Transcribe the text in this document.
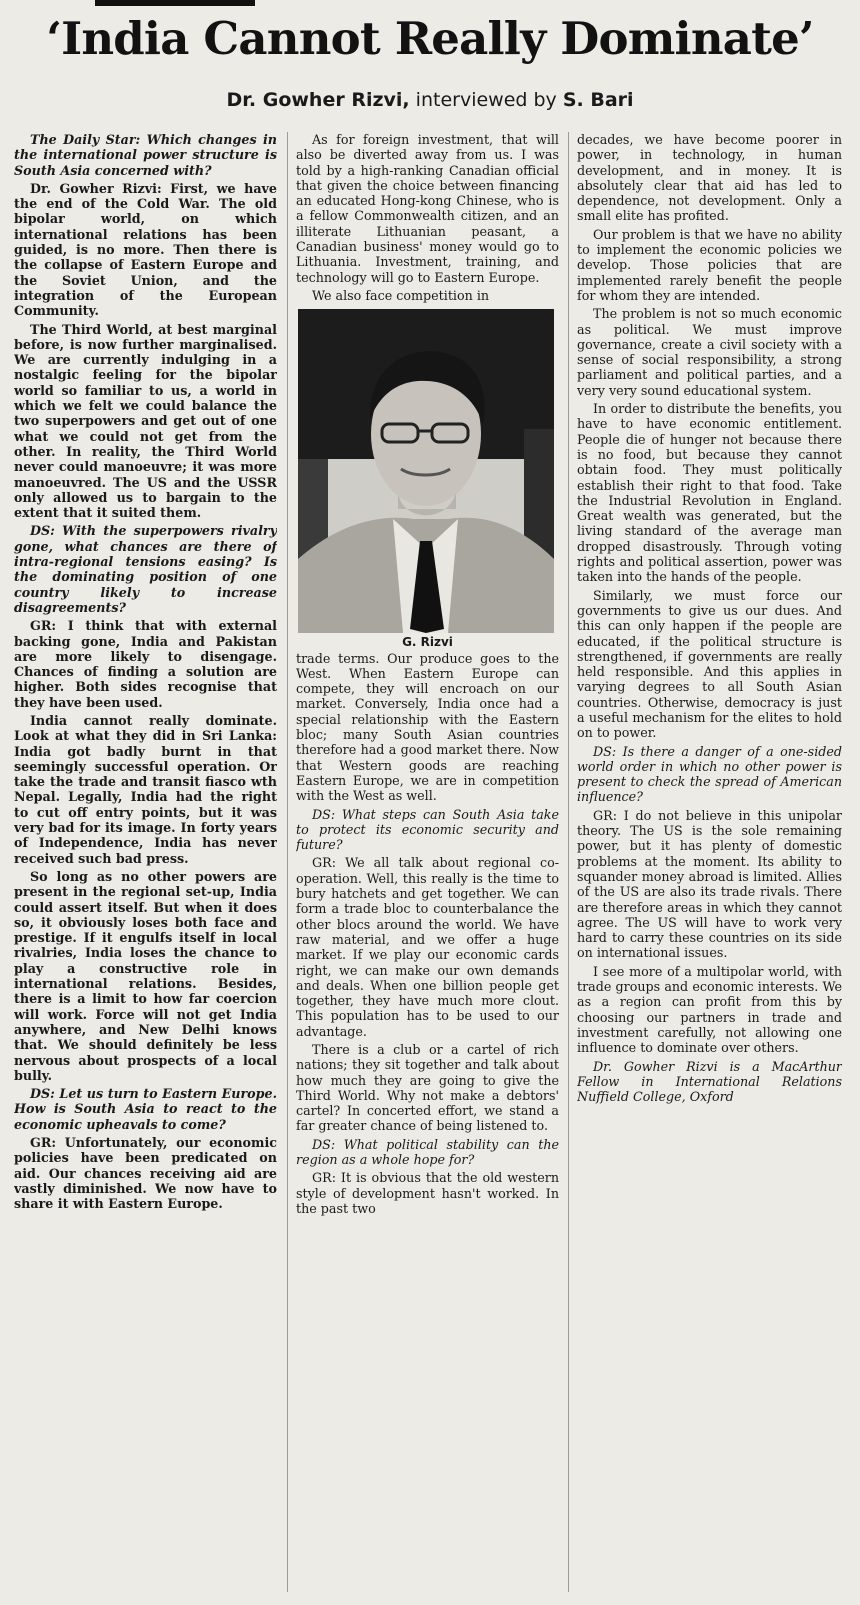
‘India Cannot Really Dominate’
Dr. Gowher Rizvi, interviewed by S. Bari

The Daily Star: Which changes in the international power structure is South Asia concerned with?

Dr. Gowher Rizvi: First, we have the end of the Cold War. The old bipolar world, on which international relations has been guided, is no more. Then there is the collapse of Eastern Europe and the Soviet Union, and the integration of the European Community.

The Third World, at best marginal before, is now further marginalised. We are currently indulging in a nostalgic feeling for the bipolar world so familiar to us, a world in which we felt we could balance the two superpowers and get out of one what we could not get from the other. In reality, the Third World never could manoeuvre; it was more manoeuvred. The US and the USSR only allowed us to bargain to the extent that it suited them.

DS: With the superpowers rivalry gone, what chances are there of intra-regional tensions easing? Is the dominating position of one country likely to increase disagreements?

GR: I think that with external backing gone, India and Pakistan are more likely to disengage. Chances of finding a solution are higher. Both sides recognise that they have been used.

India cannot really dominate. Look at what they did in Sri Lanka: India got badly burnt in that seemingly successful operation. Or take the trade and transit fiasco wth Nepal. Legally, India had the right to cut off entry points, but it was very bad for its image. In forty years of Independence, India has never received such bad press.

So long as no other powers are present in the regional set-up, India could assert itself. But when it does so, it obviously loses both face and prestige. If it engulfs itself in local rivalries, India loses the chance to play a constructive role in international relations. Besides, there is a limit to how far coercion will work. Force will not get India anywhere, and New Delhi knows that. We should definitely be less nervous about prospects of a local bully.

DS: Let us turn to Eastern Europe. How is South Asia to react to the economic upheavals to come?

GR: Unfortunately, our economic policies have been predicated on aid. Our chances receiving aid are vastly diminished. We now have to share it with Eastern Europe.

As for foreign investment, that will also be diverted away from us. I was told by a high-ranking Canadian official that given the choice between financing an educated Hong-kong Chinese, who is a fellow Commonwealth citizen, and an illiterate Lithuanian peasant, a Canadian business' money would go to Lithuania. Investment, training, and technology will go to Eastern Europe.

We also face competition in

G. Rizvi

trade terms. Our produce goes to the West. When Eastern Europe can compete, they will encroach on our market. Conversely, India once had a special relationship with the Eastern bloc; many South Asian countries therefore had a good market there. Now that Western goods are reaching Eastern Europe, we are in competition with the West as well.

DS: What steps can South Asia take to protect its economic security and future?

GR: We all talk about regional co-operation. Well, this really is the time to bury hatchets and get together. We can form a trade bloc to counterbalance the other blocs around the world. We have raw material, and we offer a huge market. If we play our economic cards right, we can make our own demands and deals. When one billion people get together, they have much more clout. This population has to be used to our advantage.

There is a club or a cartel of rich nations; they sit together and talk about how much they are going to give the Third World. Why not make a debtors' cartel? In concerted effort, we stand a far greater chance of being listened to.

DS: What political stability can the region as a whole hope for?

GR: It is obvious that the old western style of development hasn't worked. In the past two

decades, we have become poorer in power, in technology, in human development, and in money. It is absolutely clear that aid has led to dependence, not development. Only a small elite has profited.

Our problem is that we have no ability to implement the economic policies we develop. Those policies that are implemented rarely benefit the people for whom they are intended.

The problem is not so much economic as political. We must improve governance, create a civil society with a sense of social responsibility, a strong parliament and political parties, and a very very sound educational system.

In order to distribute the benefits, you have to have economic entitlement. People die of hunger not because there is no food, but because they cannot obtain food. They must politically establish their right to that food. Take the Industrial Revolution in England. Great wealth was generated, but the living standard of the average man dropped disastrously. Through voting rights and political assertion, power was taken into the hands of the people.

Similarly, we must force our governments to give us our dues. And this can only happen if the people are educated, if the political structure is strengthened, if governments are really held responsible. And this applies in varying degrees to all South Asian countries. Otherwise, democracy is just a useful mechanism for the elites to hold on to power.

DS: Is there a danger of a one-sided world order in which no other power is present to check the spread of American influence?

GR: I do not believe in this unipolar theory. The US is the sole remaining power, but it has plenty of domestic problems at the moment. Its ability to squander money abroad is limited. Allies of the US are also its trade rivals. There are therefore areas in which they cannot agree. The US will have to work very hard to carry these countries on its side on international issues.

I see more of a multipolar world, with trade groups and economic interests. We as a region can profit from this by choosing our partners in trade and investment carefully, not allowing one influence to dominate over others.

Dr. Gowher Rizvi is a MacArthur Fellow in International Relations Nuffield College, Oxford
